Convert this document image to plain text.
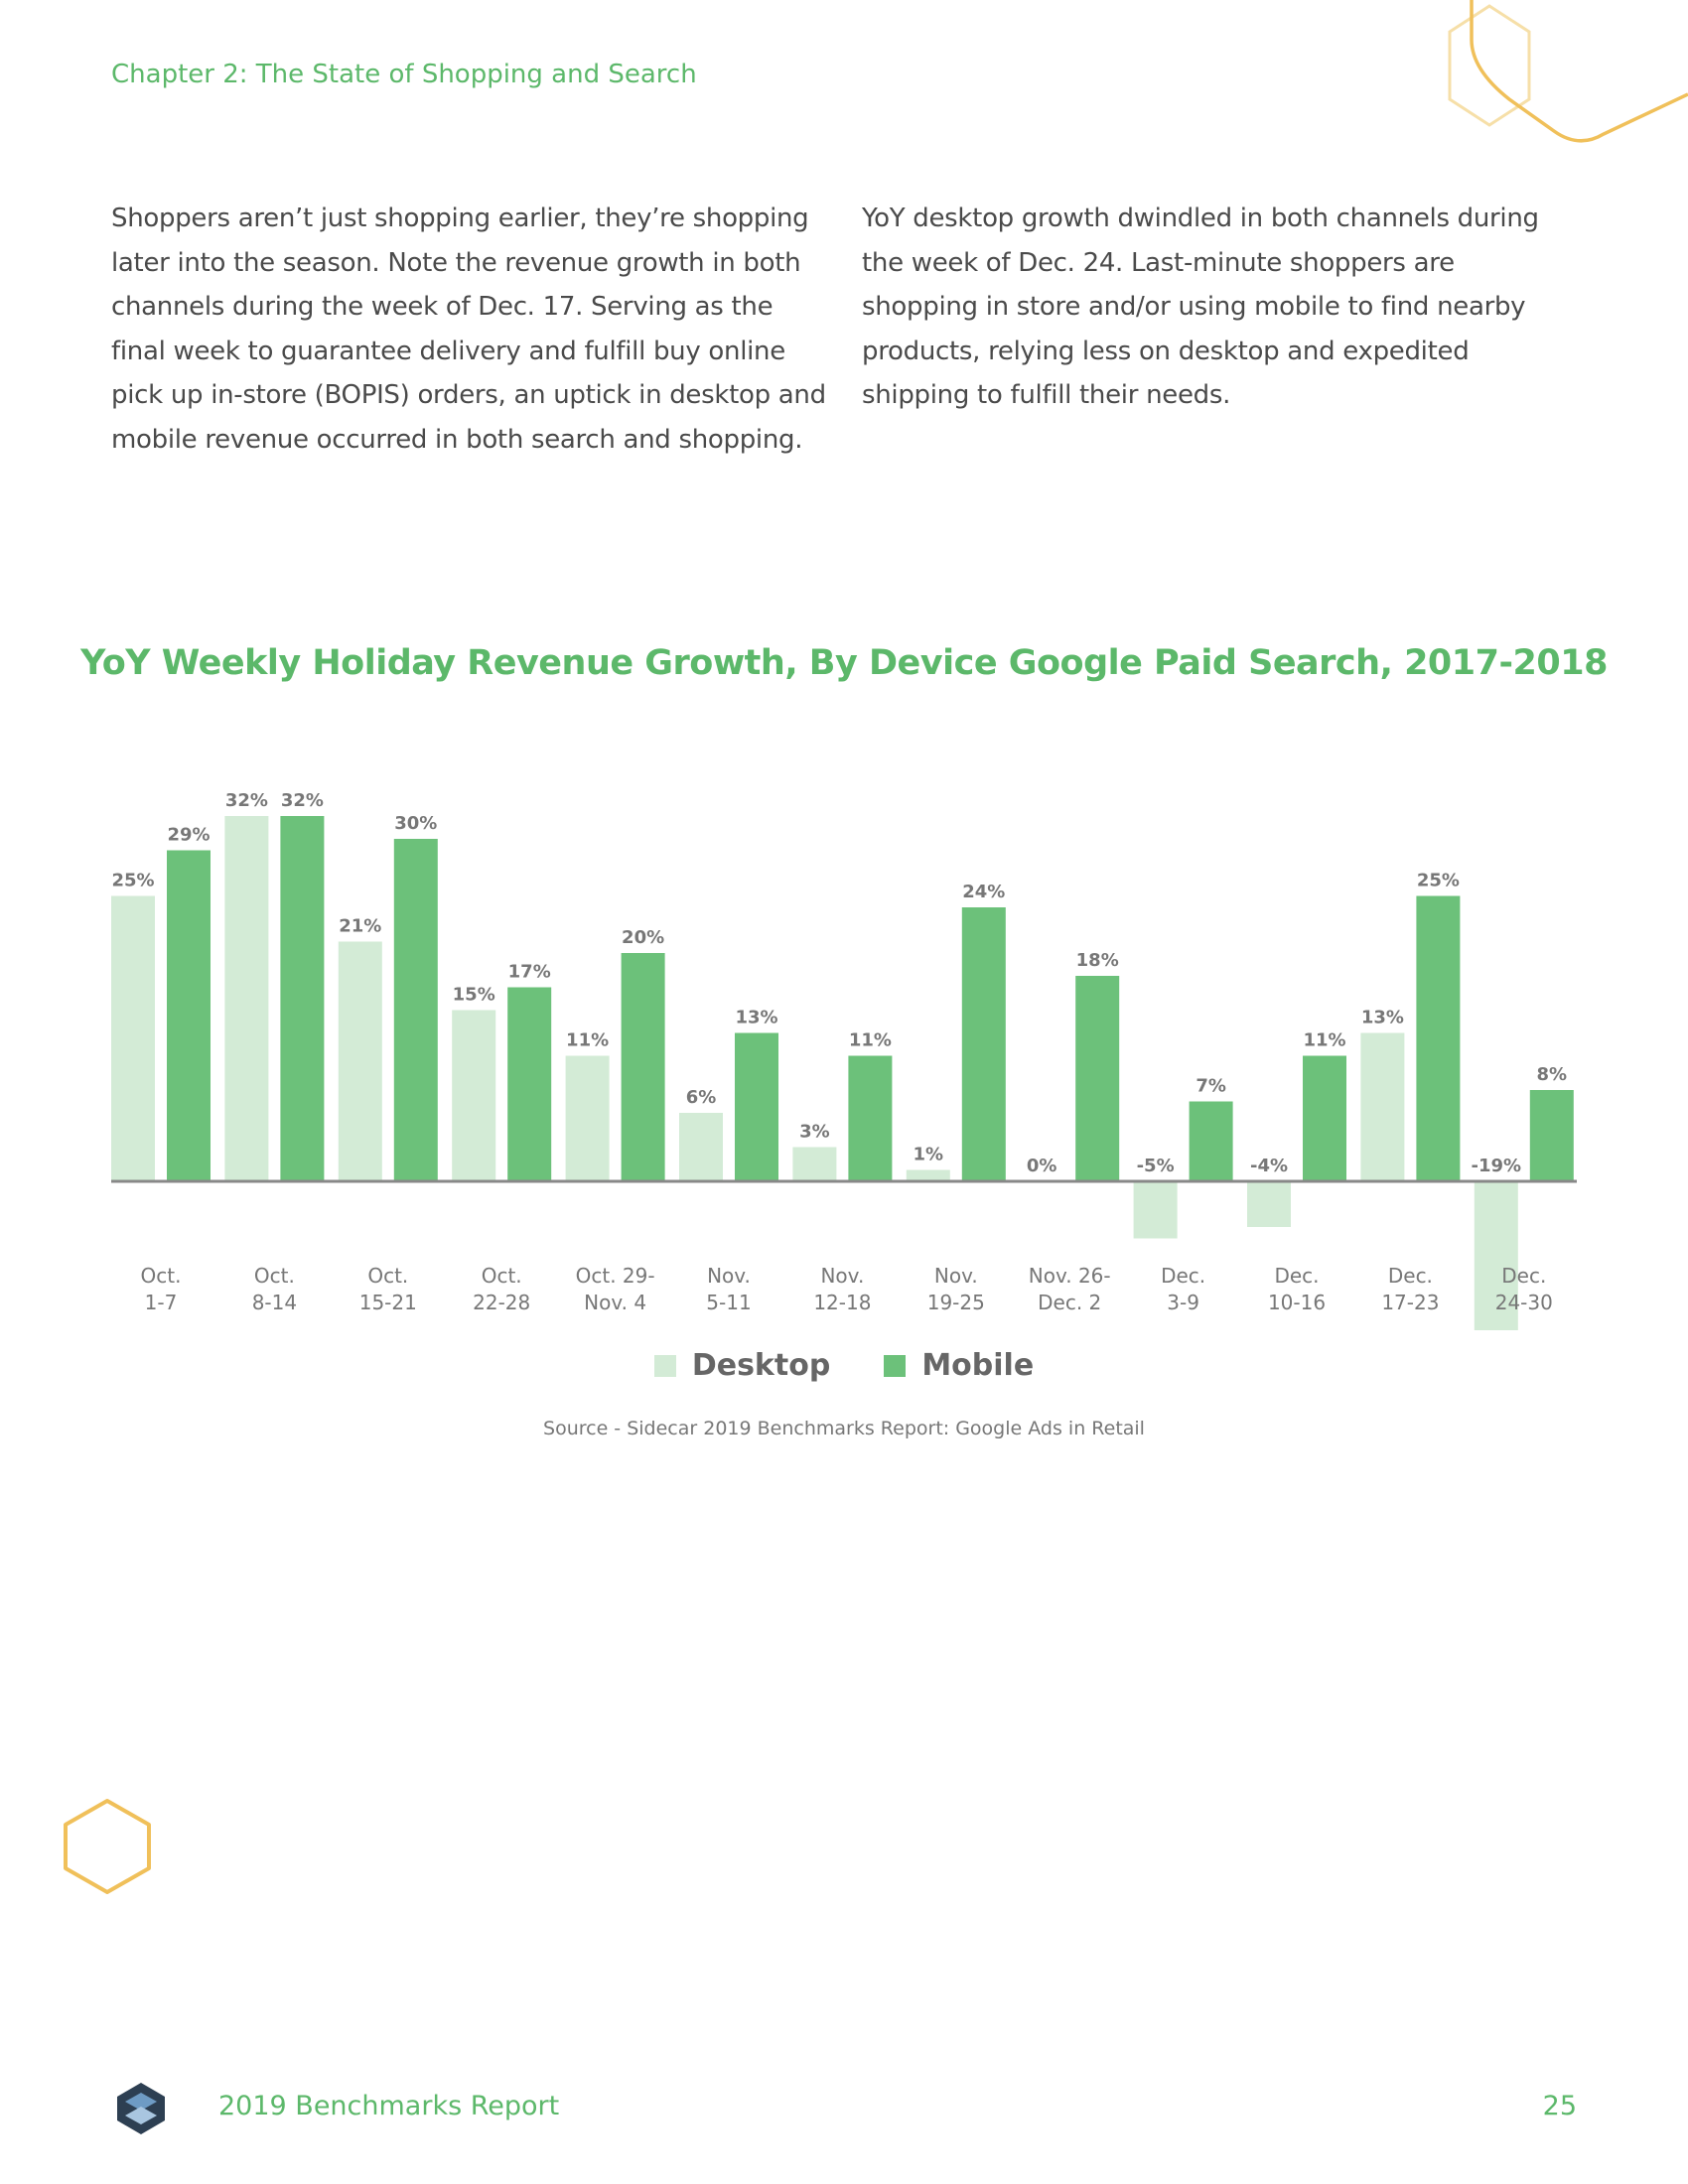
Chapter 2: The State of Shopping and Search
Shoppers aren’t just shopping earlier, they’re shopping later into the season. Note the revenue growth in both channels during the week of Dec. 17. Serving as the final week to guarantee delivery and fulfill buy online pick up in-store (BOPIS) orders, an uptick in desktop and mobile revenue occurred in both search and shopping.
YoY desktop growth dwindled in both channels during the week of Dec. 24. Last-minute shoppers are shopping in store and/or using mobile to find nearby products, relying less on desktop and expedited shipping to fulfill their needs.
YoY Weekly Holiday Revenue Growth, By Device Google Paid Search, 2017-2018
25%
29%
Oct.
1-7
32% 32%
Oct.
8-14
21%
30%
Oct.
15-21
15%
17%
Oct.
22-28
11%
20%
Oct. 29-
Nov. 4
6%
13%
Nov.
5-11
3%
11%
Nov.
12-18
1%
24%
Nov.
19-25
0%
18%
Nov. 26-
Dec. 2
-5%
7%
Dec.
3-9
-4%
11%
Dec.
10-16
13%
25%
Dec.
17-23
-19%
8%
Dec.
24-30
Desktop	Mobile
Source - Sidecar 2019 Benchmarks Report: Google Ads in Retail
2019 Benchmarks Report	25
